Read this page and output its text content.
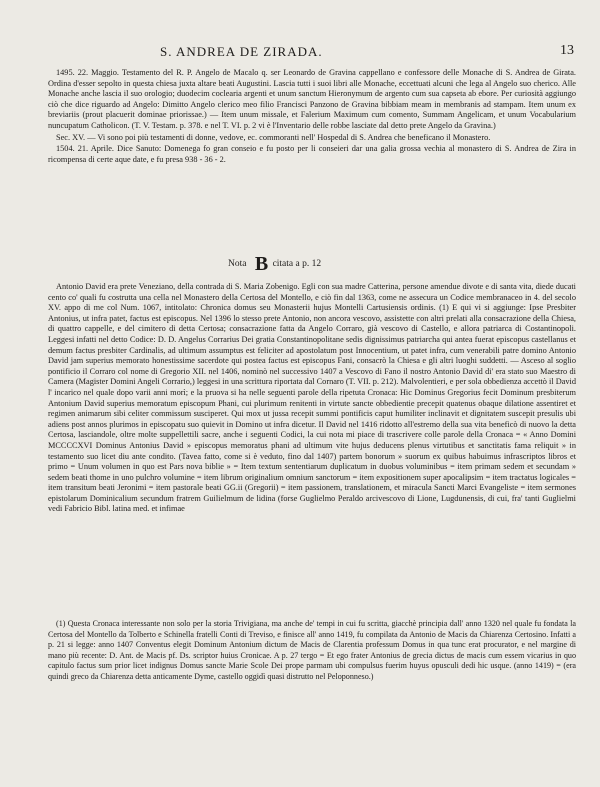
S. ANDREA DE ZIRADA.	13

1495. 22. Maggio. Testamento del R. P. Angelo de Macalo q. ser Leonardo de Gravina cappellano e confessore delle Monache di S. Andrea de Girata. Ordina d'esser sepolto in questa chiesa juxta altare beati Augustini. Lascia tutti i suoi libri alle Monache, eccettuati alcuni che lega al Angelo suo cherico. Alle Monache anche lascia il suo orologio; duodecim coclearia argenti et unum sanctum Hieronymum de argento cum sua capseta ab ebore. Per curiosità aggiungo ciò che dice riguardo ad Angelo: Dimitto Angelo clerico meo filio Francisci Panzono de Gravina bibbiam meam in membranis ad stampam. Item unum ex breviariis (prout placuerit dominae priorissae.) — Item unum missale, et Falerium Maximum cum comento, Summam Angelicam, et unum Vocabularium nuncupatum Catholicon. (T. V. Testam. p. 378. e nel T. VI. p. 2 vi è l'Inventario delle robbe lasciate dal detto prete Angelo da Gravina.)

Sec. XV. — Vi sono poi più testamenti di donne, vedove, ec. commoranti nell' Hospedal di S. Andrea che beneficano il Monastero.

1504. 21. Aprile. Dice Sanuto: Domenega fo gran conseio e fu posto per li conseieri dar una galia grossa vechia al monastero di S. Andrea de Zira in ricompensa di certe aque date, e fu presa 938 - 36 - 2.

Nota B citata a p. 12

Antonio David era prete Veneziano, della contrada di S. Maria Zobenigo. Egli con sua madre Catterina, persone amendue divote e di santa vita, diede ducati cento co' quali fu costrutta una cella nel Monastero della Certosa del Montello, e ciò fin dal 1363, come ne assecura un Codice membranaceo in 4. del secolo XV. appo di me col Num. 1067, intitolato: Chronica domus seu Monasterii hujus Montelli Cartusiensis ordinis. (1) E qui vi si aggiunge: Ipse Presbiter Antonius, ut infra patet, factus est episcopus. Nel 1396 lo stesso prete Antonio, non ancora vescovo, assistette con altri prelati alla consacrazione della Chiesa, di quattro cappelle, e del cimitero di detta Certosa; consacrazione fatta da Angelo Corraro, già vescovo di Castello, e allora patriarca di Costantinopoli. Leggesi infatti nel detto Codice: D. D. Angelus Corrarius Dei gratia Constantinopolitane sedis dignissimus patriarcha qui antea fuerat episcopus castellanus et demum factus presbiter Cardinalis, ad ultimum assumptus est feliciter ad apostolatum post Innocentium, ut patet infra, cum venerabili patre domino Antonio David jam superius memorato honestissime sacerdote qui postea factus est episcopus Fani, consacrò la Chiesa e gli altri luoghi suddetti. — Asceso al soglio pontificio il Corraro col nome di Gregorio XII. nel 1406, nominò nel successivo 1407 a Vescovo di Fano il nostro Antonio David di' era stato suo Maestro di Camera (Magister Domini Angeli Corrario,) leggesi in una scrittura riportata dal Cornaro (T. VII. p. 212). Malvolentieri, e per sola obbedienza accettò il David l' incarico nel quale dopo varii anni morì; e la pruova si ha nelle seguenti parole della ripetuta Cronaca: Hic Dominus Gregorius fecit Dominum presbiterum Antonium David superius memoratum episcopum Phani, cui plurimum renitenti in virtute sancte obbedientie precepit quatenus obaque dilatione assentiret et regimen animarum sibi celiter commissum susciperet. Qui mox ut jussa recepit summi pontificis caput humiliter inclinavit et dignitatem suscepit presulis ubi adiens post annos plurimos in episcopatu suo quievit in Domino ut infra dicetur. Il David nel 1416 ridotto all'estremo della sua vita beneficò di nuovo la detta Certosa, lasciandole, oltre molte suppellettili sacre, anche i seguenti Codici, la cui nota mi piace di trascrivere colle parole della Cronaca = « Anno Domini MCCCCXVI Dominus Antonius David » episcopus memoratus phani ad ultimum vite hujus deducens plenus virtutibus et sanctitatis fama reliquit » in testamento suo licet diu ante condito. (Tavea fatto, come si è veduto, fino dal 1407) partem bonorum » suorum ex quibus habuimus infrascriptos libros et primo = Unum volumen in quo est Pars nova biblie » = Item textum sententiarum duplicatum in duobus voluminibus = item primam sedem et secundam » sedem beati thome in uno pulchro volumine = item librum originalium omnium sanctorum = item expositionem super apocalipsim = item tractatus logicales = item transitum beati Jeronimi = item pastorale beati GG.ii (Gregorii) = item passionem, translationem, et miracula Sancti Marci Evangeliste = item sermones epistolarum Dominicalium secundum fratrem Guilielmum de lidina (forse Guglielmo Peraldo arcivescovo di Lione, Lugdunensis, di cui, fra' tanti Guglielmi vedi Fabricio Bibl. latina med. et infimae

(1) Questa Cronaca interessante non solo per la storia Trivigiana, ma anche de' tempi in cui fu scritta, giacchè principia dall' anno 1320 nel quale fu fondata la Certosa del Montello da Tolberto e Schinella fratelli Conti di Treviso, e finisce all' anno 1419, fu compilata da Antonio de Macis da Chiarenza Certosino. Infatti a p. 21 si legge: anno 1407 Conventus elegit Dominum Antonium dictum de Macis de Clarentia professum Domus in qua tunc erat procurator, e nel margine di mano più recente: D. Ant. de Macis pf. Ds. scriptor huius Cronicae. A p. 27 tergo = Et ego frater Antonius de grecia dictus de macis cum essem vicarius in quo capitulo factus sum prior licet indignus Domus sancte Marie Scole Dei prope parmam ubi compulsus fuerim huyus opusculi dedi hic usque. (anno 1419) = (era quindi greco da Chiarenza detta anticamente Dyme, castello oggidì quasi distrutto nel Peloponneso.)
